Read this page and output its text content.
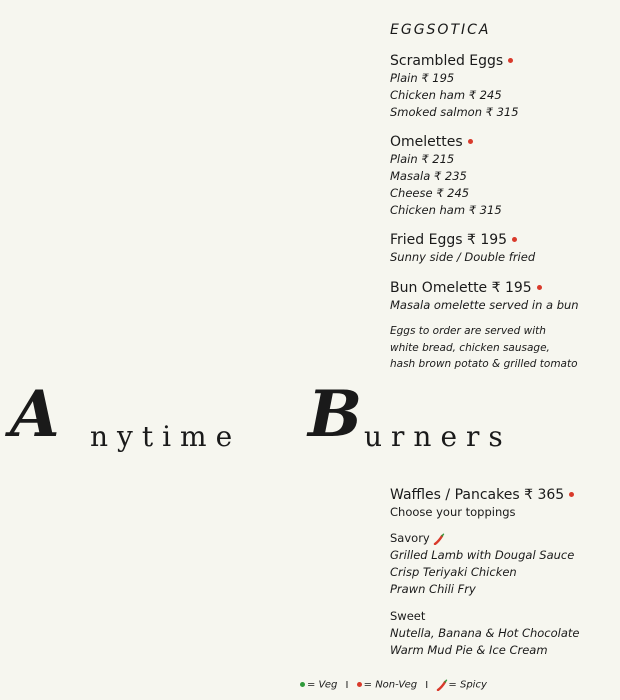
EGGSOTICA
Scrambled Eggs
Plain ₹ 195
Chicken ham ₹ 245
Smoked salmon ₹ 315
Omelettes
Plain ₹ 215
Masala ₹ 235
Cheese ₹ 245
Chicken ham ₹ 315
Fried Eggs ₹ 195
Sunny side / Double fried
Bun Omelette ₹ 195
Masala omelette served in a bun
Eggs to order are served with
white bread, chicken sausage,
hash brown potato & grilled tomato
A nytime B urners
Waffles / Pancakes ₹ 365
Choose your toppings
Savory
Grilled Lamb with Dougal Sauce
Crisp Teriyaki Chicken
Prawn Chili Fry
Sweet
Nutella, Banana & Hot Chocolate
Warm Mud Pie & Ice Cream
= Veg I = Non-Veg I = Spicy
